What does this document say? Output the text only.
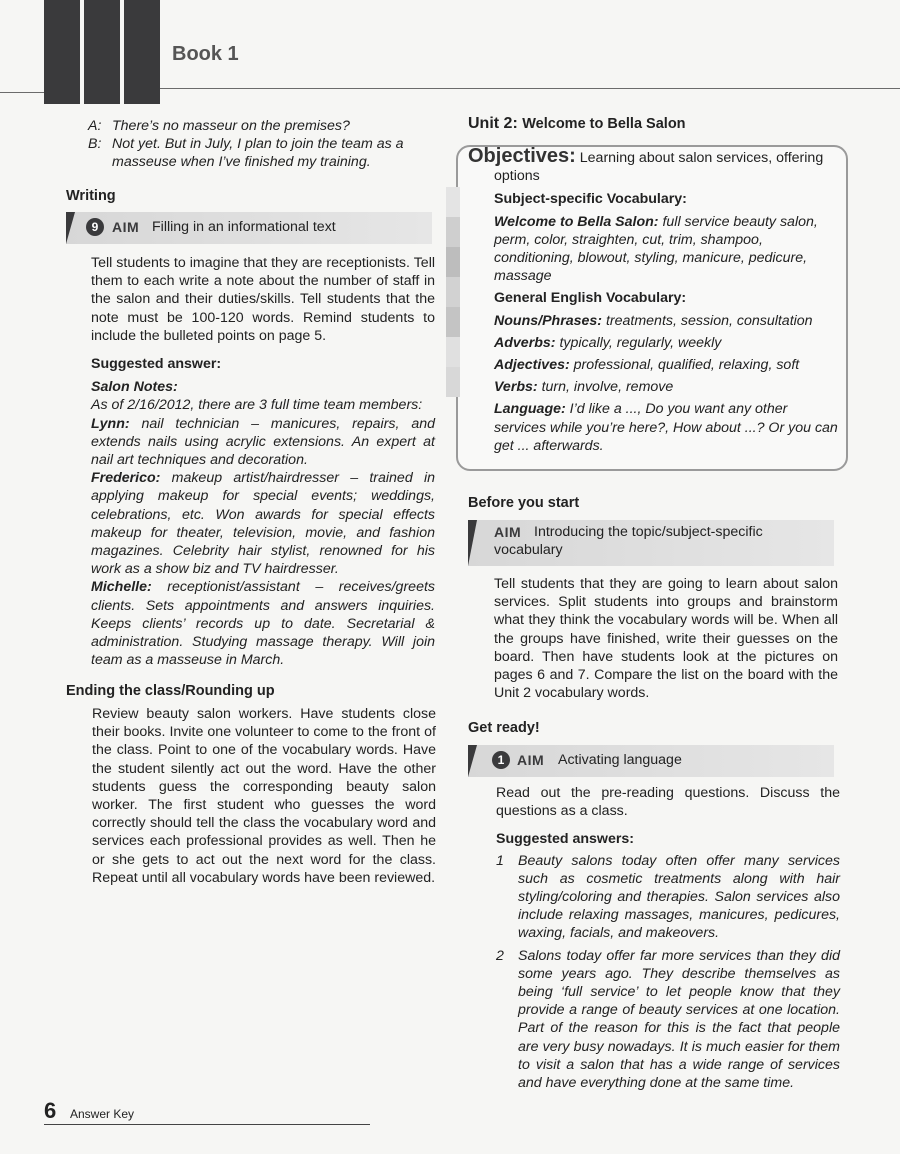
Book 1
A: There’s no masseur on the premises?
B: Not yet. But in July, I plan to join the team as a masseuse when I’ve finished my training.
Writing
9 AIM Filling in an informational text

Tell students to imagine that they are receptionists. Tell them to each write a note about the number of staff in the salon and their duties/skills. Tell students that the note must be 100-120 words. Remind students to include the bulleted points on page 5.

Suggested answer:

Salon Notes:

As of 2/16/2012, there are 3 full time team members:

Lynn: nail technician – manicures, repairs, and extends nails using acrylic extensions. An expert at nail art techniques and decoration.

Frederico: makeup artist/hairdresser – trained in applying makeup for special events; weddings, celebrations, etc. Won awards for special effects makeup for theater, television, movie, and fashion magazines. Celebrity hair stylist, renowned for his work as a show biz and TV hairdresser.

Michelle: receptionist/assistant – receives/greets clients. Sets appointments and answers inquiries. Keeps clients’ records up to date. Secretarial & administration. Studying massage therapy. Will join team as a masseuse in March.

Ending the class/Rounding up

Review beauty salon workers. Have students close their books. Invite one volunteer to come to the front of the class. Point to one of the vocabulary words. Have the student silently act out the word. Have the other students guess the corresponding beauty salon worker. The first student who guesses the word correctly should tell the class the vocabulary word and services each professional provides as well. Then he or she gets to act out the next word for the class. Repeat until all vocabulary words have been reviewed.

Unit 2: Welcome to Bella Salon
Objectives: Learning about salon services, offering options

Subject-specific Vocabulary:

Welcome to Bella Salon: full service beauty salon, perm, color, straighten, cut, trim, shampoo, conditioning, blowout, styling, manicure, pedicure, massage

General English Vocabulary:

Nouns/Phrases: treatments, session, consultation

Adverbs: typically, regularly, weekly

Adjectives: professional, qualified, relaxing, soft

Verbs: turn, involve, remove

Language: I’d like a ..., Do you want any other services while you’re here?, How about ...? Or you can get ... afterwards.

Before you start
AIM Introducing the topic/subject-specific
vocabulary

Tell students that they are going to learn about salon services. Split students into groups and brainstorm what they think the vocabulary words will be. When all the groups have finished, write their guesses on the board. Then have students look at the pictures on pages 6 and 7. Compare the list on the board with the Unit 2 vocabulary words.

Get ready!
1 AIM Activating language

Read out the pre-reading questions. Discuss the questions as a class.

Suggested answers:

1 Beauty salons today often offer many services such as cosmetic treatments along with hair styling/coloring and therapies. Salon services also include relaxing massages, manicures, pedicures, waxing, facials, and makeovers.
2 Salons today offer far more services than they did some years ago. They describe themselves as being ‘full service’ to let people know that they provide a range of beauty services at one location. Part of the reason for this is the fact that people are very busy nowadays. It is much easier for them to visit a salon that has a wide range of services and have everything done at the same time.
6 Answer Key
